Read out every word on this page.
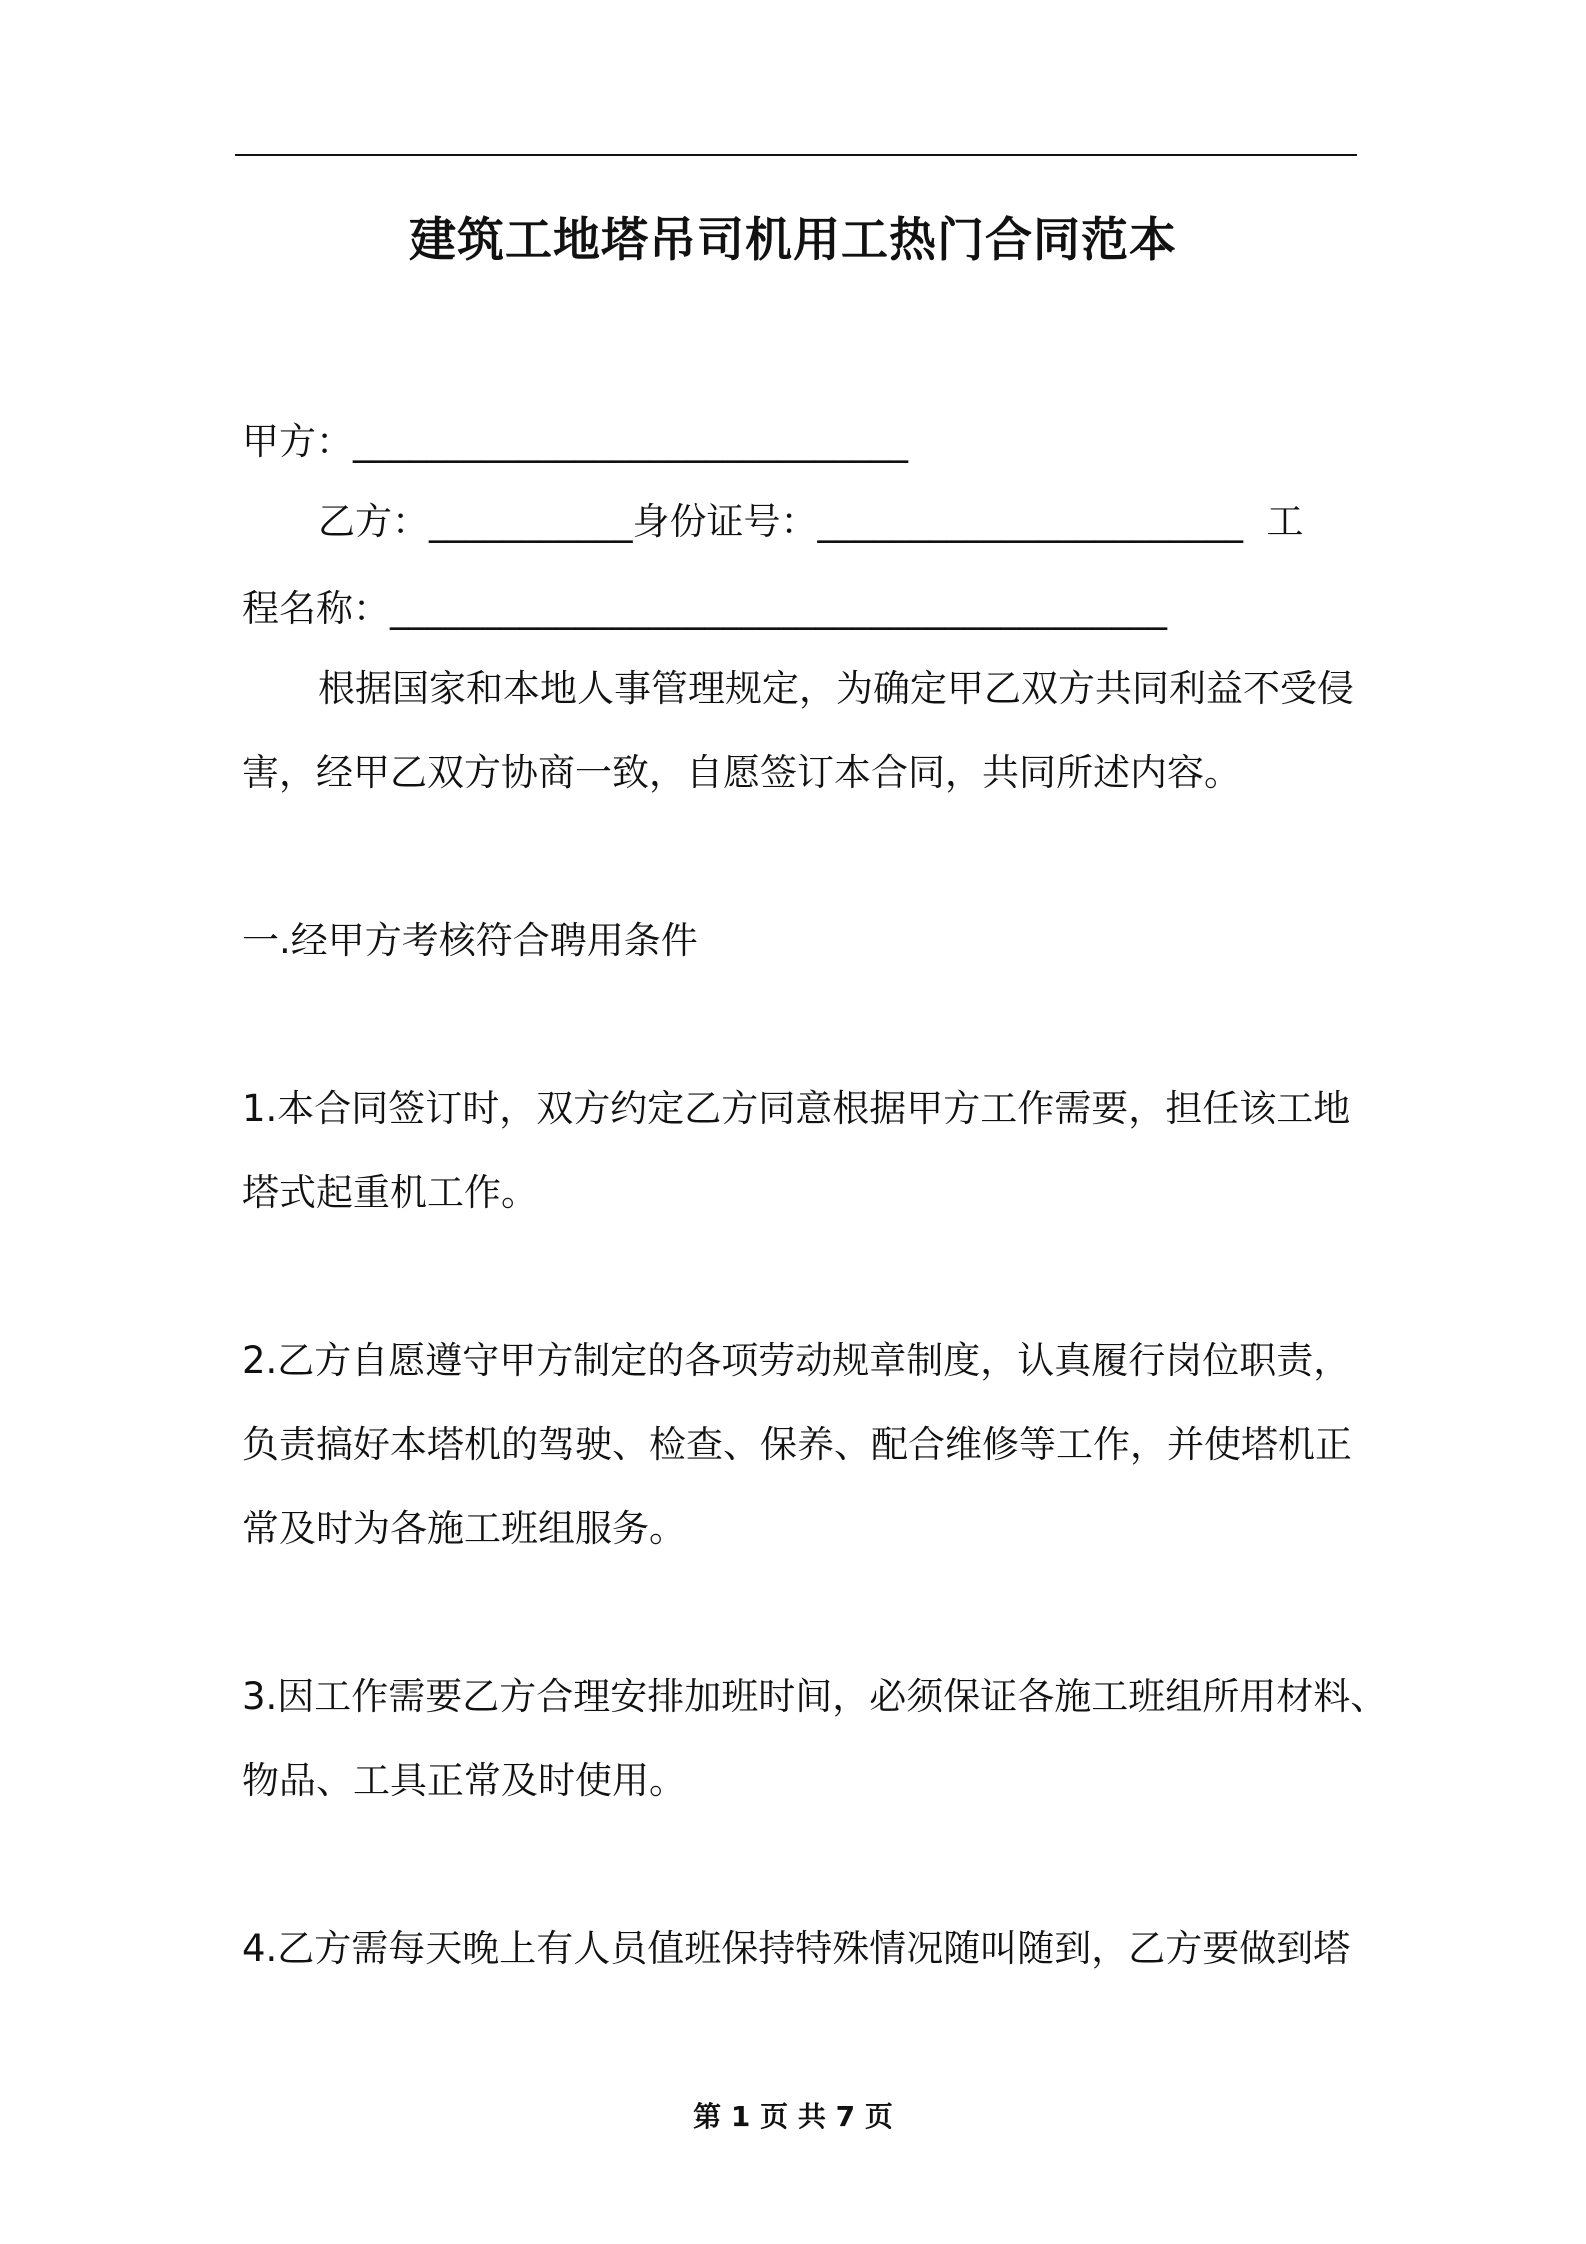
建筑工地塔吊司机用工热门合同范本
甲方：______________________________
乙方：___________身份证号：_______________________  工
程名称：__________________________________________
根据国家和本地人事管理规定，为确定甲乙双方共同利益不受侵
害，经甲乙双方协商一致，自愿签订本合同，共同所述内容。
一.经甲方考核符合聘用条件
1.本合同签订时，双方约定乙方同意根据甲方工作需要，担任该工地
塔式起重机工作。
2.乙方自愿遵守甲方制定的各项劳动规章制度，认真履行岗位职责，
负责搞好本塔机的驾驶、检查、保养、配合维修等工作，并使塔机正
常及时为各施工班组服务。
3.因工作需要乙方合理安排加班时间，必须保证各施工班组所用材料、
物品、工具正常及时使用。
4.乙方需每天晚上有人员值班保持特殊情况随叫随到，乙方要做到塔
第 1 页 共 7 页
